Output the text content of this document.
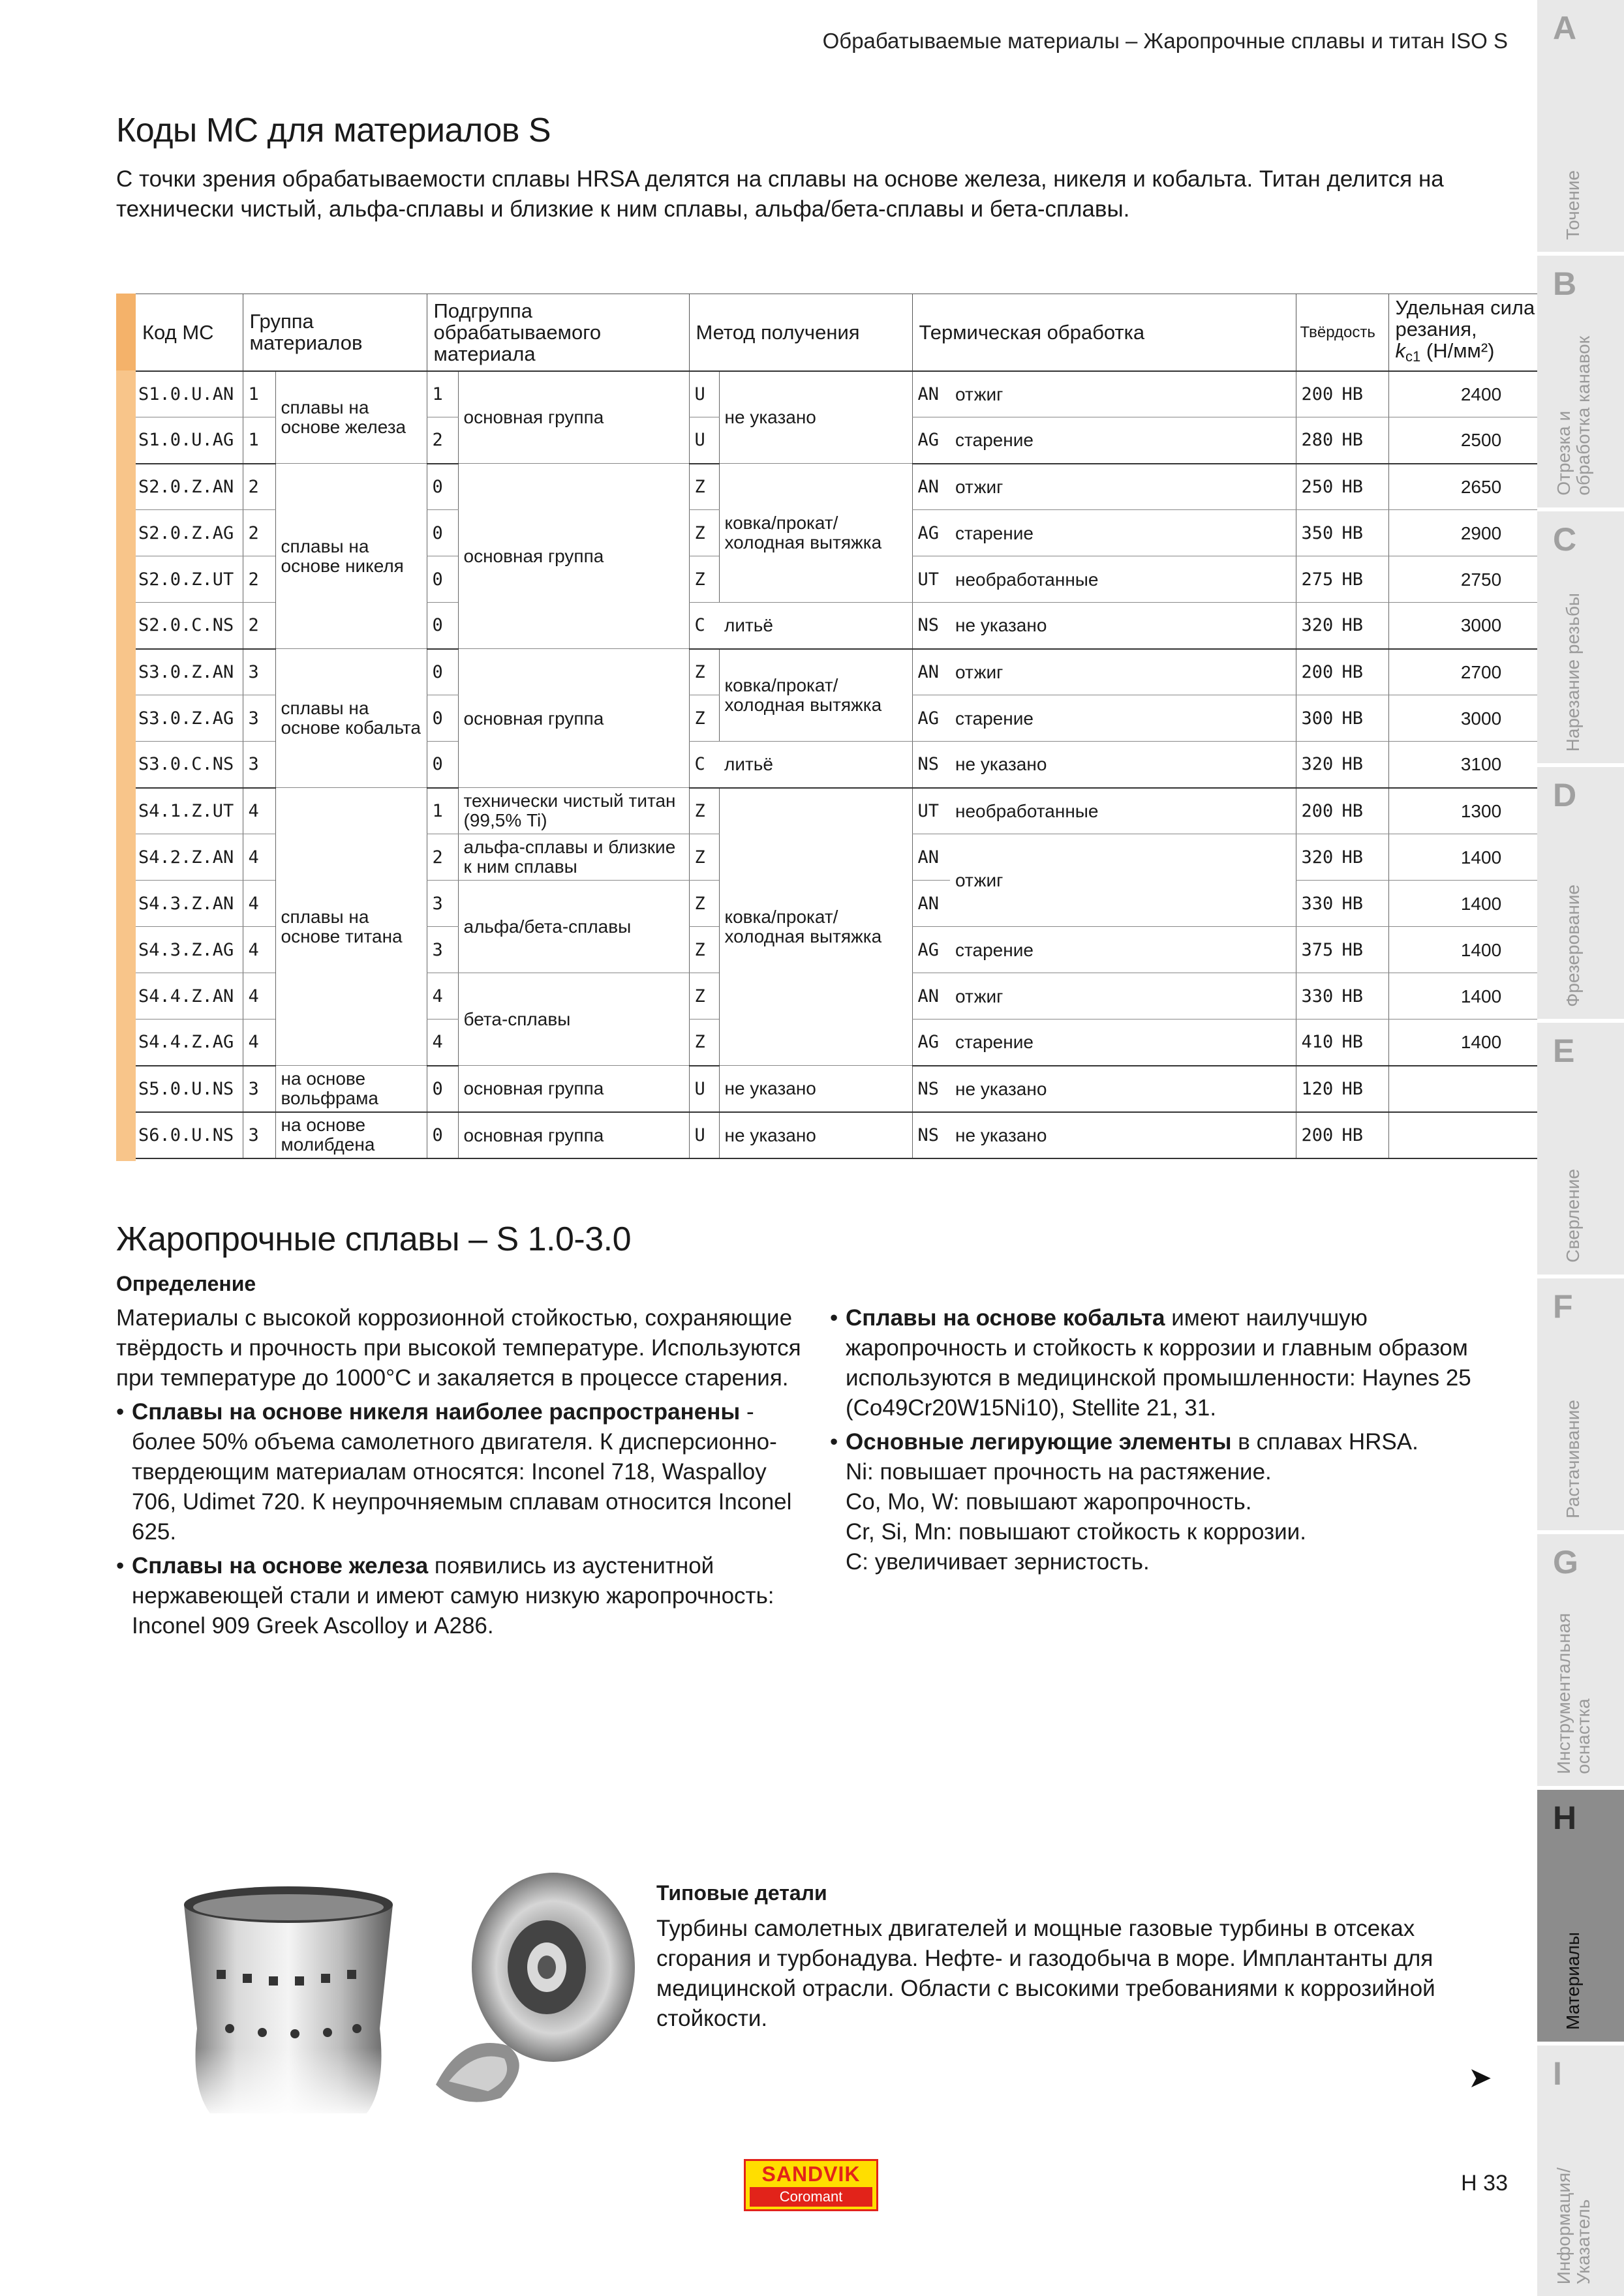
Обрабатываемые материалы – Жаропрочные сплавы и титан ISO S
Коды МС для материалов S

С точки зрения обрабатываемости сплавы HRSA делятся на сплавы на основе железа, никеля и кобальта. Титан делится на технически чистый, альфа-сплавы и близкие к ним сплавы, альфа/бета-сплавы и бета-сплавы.

Код МС	Группа материалов		Подгруппа обрабатываемого материала		Метод получения		Термическая обработка		Твёрдость	Удельная сила резания,
$k_{c1}$ (Н/мм²)	
S1.0.U.AN	1	сплавы на основе железа	1	основная группа	U	не указано	AN	отжиг	200 HB	2400	
S1.0.U.AG	1		2		U		AG	старение	280 HB	2500	
S2.0.Z.AN	2	сплавы на основе никеля	0	основная группа	Z	ковка/прокат/ холодная вытяжка	AN	отжиг	250 HB	2650	
S2.0.Z.AG	2		0		Z		AG	старение	350 HB	2900	
S2.0.Z.UT	2		0		Z		UT	необработанные	275 HB	2750	
S2.0.C.NS	2		0		C	литьё	NS	не указано	320 HB	3000	
S3.0.Z.AN	3	сплавы на основе кобальта	0	основная группа	Z	ковка/прокат/ холодная вытяжка	AN	отжиг	200 HB	2700	
S3.0.Z.AG	3		0		Z		AG	старение	300 HB	3000	
S3.0.C.NS	3		0		C	литьё	NS	не указано	320 HB	3100	
S4.1.Z.UT	4	сплавы на основе титана	1	технически чистый титан (99,5% Ti)	Z	ковка/прокат/ холодная вытяжка	UT	необработанные	200 HB	1300	
S4.2.Z.AN	4		2	альфа-сплавы и близкие к ним сплавы	Z		AN	отжиг	320 HB	1400	
S4.3.Z.AN	4		3	альфа/бета-сплавы	Z		AN		330 HB	1400	
S4.3.Z.AG	4		3		Z		AG	старение	375 HB	1400	
S4.4.Z.AN	4		4	бета-сплавы	Z		AN	отжиг	330 HB	1400	
S4.4.Z.AG	4		4		Z		AG	старение	410 HB	1400	
S5.0.U.NS	3	на основе вольфрама	0	основная группа	U	не указано	NS	не указано	120 HB		
S6.0.U.NS	3	на основе молибдена	0	основная группа	U	не указано	NS	не указано	200 HB		
Жаропрочные сплавы – S 1.0-3.0
Определение
Материалы с высокой коррозионной стойкостью, сохраняющие твёрдость и прочность при высокой температуре. Используются при температуре до 1000°C и закаляется в процессе старения.
• Сплавы на основе никеля наиболее распространены - более 50% объема самолетного двигателя. К дисперсионно-твердеющим материалам относятся: Inconel 718, Waspalloy 706, Udimet 720. К неупрочняемым сплавам относится Inconel 625.
• Сплавы на основе железа появились из аустенитной нержавеющей стали и имеют самую низкую жаропрочность: Inconel 909 Greek Ascolloy и A286.
• Сплавы на основе кобальта имеют наилучшую жаропрочность и стойкость к коррозии и главным образом используются в медицинской промышленности: Haynes 25 (Co49Cr20W15Ni10), Stellite 21, 31.
• Основные легирующие элементы в сплавах HRSA.
Ni: повышает прочность на растяжение.
Co, Mo, W: повышают жаропрочность.
Cr, Si, Mn: повышают стойкость к коррозии.
C: увеличивает зернистость.
Типовые детали
Турбины самолетных двигателей и мощные газовые турбины в отсеках сгорания и турбонадува. Нефте- и газодобыча в море. Имплантанты для медицинской отрасли. Области с высокими требованиями к коррозийной стойкости.
➤
SANDVIK
Coromant
H 33
A
Точение
B
Отрезка и
обработка канавок
C
Нарезание резьбы
D
Фрезерование
E
Сверление
F
Растачивание
G
Инструментальная
оснастка
H
Материалы
I
Информация/
Указатель
